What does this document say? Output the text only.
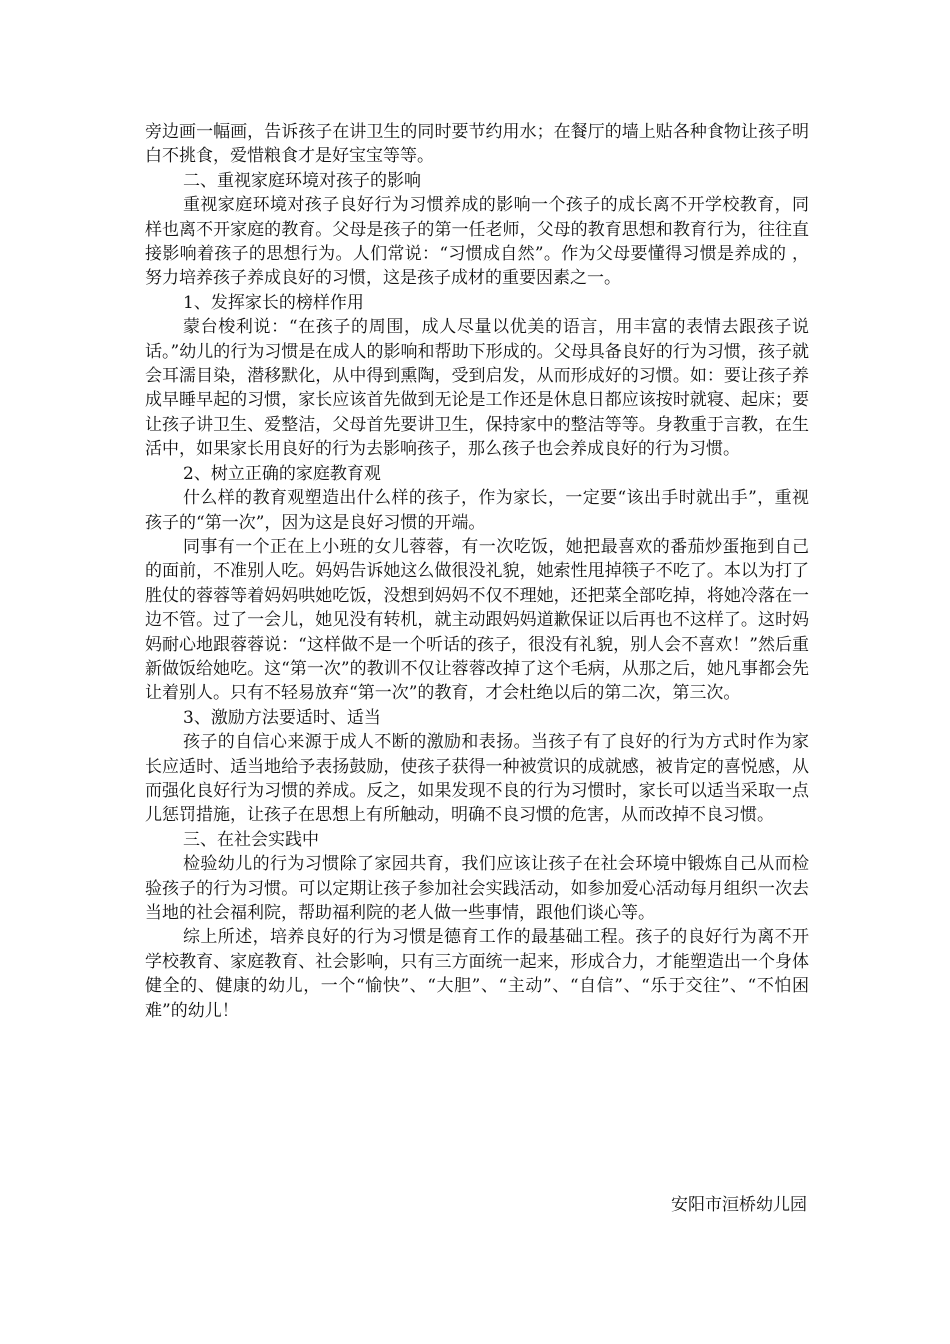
旁边画一幅画，告诉孩子在讲卫生的同时要节约用水；在餐厅的墙上贴各种食物让孩子明白不挑食，爱惜粮食才是好宝宝等等。

二、重视家庭环境对孩子的影响

重视家庭环境对孩子良好行为习惯养成的影响一个孩子的成长离不开学校教育，同样也离不开家庭的教育。父母是孩子的第一任老师，父母的教育思想和教育行为，往往直接影响着孩子的思想行为。人们常说：“习惯成自然”。作为父母要懂得习惯是养成的 ，努力培养孩子养成良好的习惯，这是孩子成材的重要因素之一。

1、发挥家长的榜样作用

蒙台梭利说：“在孩子的周围，成人尽量以优美的语言，用丰富的表情去跟孩子说话。”幼儿的行为习惯是在成人的影响和帮助下形成的。父母具备良好的行为习惯，孩子就会耳濡目染，潜移默化，从中得到熏陶，受到启发，从而形成好的习惯。如：要让孩子养成早睡早起的习惯，家长应该首先做到无论是工作还是休息日都应该按时就寝、起床；要让孩子讲卫生、爱整洁，父母首先要讲卫生，保持家中的整洁等等。身教重于言教，在生活中，如果家长用良好的行为去影响孩子，那么孩子也会养成良好的行为习惯。

2、树立正确的家庭教育观

什么样的教育观塑造出什么样的孩子，作为家长，一定要“该出手时就出手”，重视孩子的“第一次”，因为这是良好习惯的开端。

同事有一个正在上小班的女儿蓉蓉，有一次吃饭，她把最喜欢的番茄炒蛋拖到自己的面前，不准别人吃。妈妈告诉她这么做很没礼貌，她索性甩掉筷子不吃了。本以为打了胜仗的蓉蓉等着妈妈哄她吃饭，没想到妈妈不仅不理她，还把菜全部吃掉，将她冷落在一边不管。过了一会儿，她见没有转机，就主动跟妈妈道歉保证以后再也不这样了。这时妈妈耐心地跟蓉蓉说：“这样做不是一个听话的孩子，很没有礼貌，别人会不喜欢！”然后重新做饭给她吃。这“第一次”的教训不仅让蓉蓉改掉了这个毛病，从那之后，她凡事都会先让着别人。只有不轻易放弃“第一次”的教育，才会杜绝以后的第二次，第三次。

3、激励方法要适时、适当

孩子的自信心来源于成人不断的激励和表扬。当孩子有了良好的行为方式时作为家长应适时、适当地给予表扬鼓励，使孩子获得一种被赏识的成就感，被肯定的喜悦感，从而强化良好行为习惯的养成。反之，如果发现不良的行为习惯时，家长可以适当采取一点儿惩罚措施，让孩子在思想上有所触动，明确不良习惯的危害，从而改掉不良习惯。

三、在社会实践中

检验幼儿的行为习惯除了家园共育，我们应该让孩子在社会环境中锻炼自己从而检验孩子的行为习惯。可以定期让孩子参加社会实践活动，如参加爱心活动每月组织一次去当地的社会福利院，帮助福利院的老人做一些事情，跟他们谈心等。

综上所述，培养良好的行为习惯是德育工作的最基础工程。孩子的良好行为离不开学校教育、家庭教育、社会影响，只有三方面统一起来，形成合力，才能塑造出一个身体健全的、健康的幼儿，一个“愉快”、“大胆”、“主动”、“自信”、“乐于交往”、“不怕困难”的幼儿！

安阳市洹桥幼儿园
